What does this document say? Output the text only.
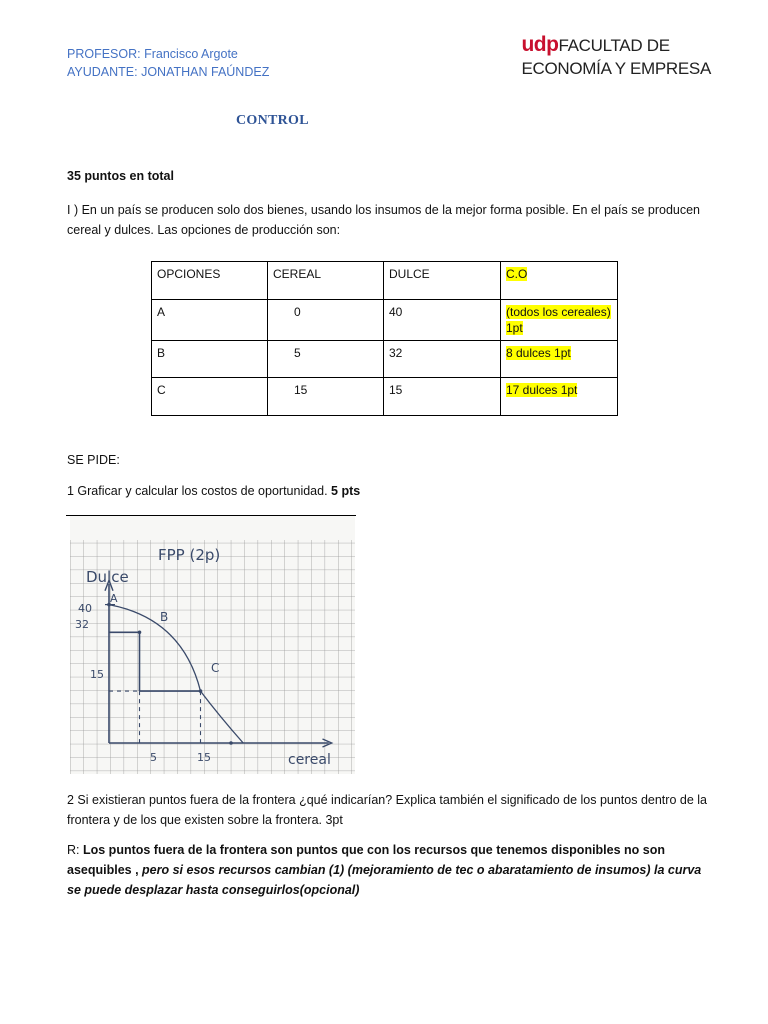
PROFESOR: Francisco Argote
AYUDANTE: JONATHAN FAÚNDEZ
udpFACULTAD DE
ECONOMÍA Y EMPRESA
CONTROL
35 puntos en total
I ) En un país se producen solo dos bienes, usando los insumos de la mejor forma posible. En el país se producen cereal y dulces. Las opciones de producción son:
OPCIONES	CEREAL	DULCE	C.O
A	0	40	(todos los cereales) 1pt
B	5	32	8 dulces 1pt
C	15	15	17 dulces 1pt
SE PIDE:
1 Graficar y calcular los costos de oportunidad. 5 pts
FPP (2p)
Dulce
cereal
40
32
15
5	15
A
B
C
2 Si existieran puntos fuera de la frontera ¿qué indicarían? Explica también el significado de los puntos dentro de la frontera y de los que existen sobre la frontera. 3pt
R: Los puntos fuera de la frontera son puntos que con los recursos que tenemos disponibles no son asequibles , pero si esos recursos cambian (1) (mejoramiento de tec o abaratamiento de insumos) la curva se puede desplazar hasta conseguirlos(opcional)
